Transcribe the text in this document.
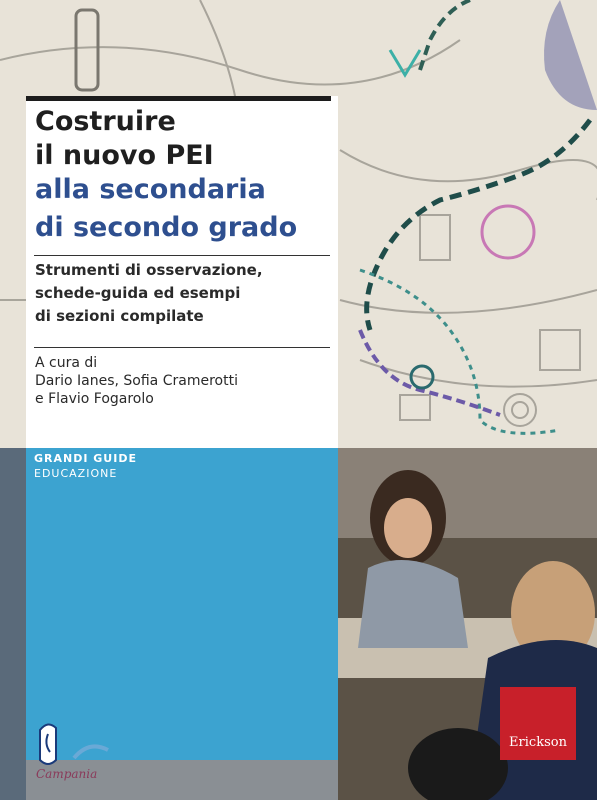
Costruire
il nuovo PEI
alla secondaria
di secondo grado
Strumenti di osservazione,
schede-guida ed esempi
di sezioni compilate
A cura di
Dario Ianes, Sofia Cramerotti
e Flavio Fogarolo
GRANDI GUIDE
EDUCAZIONE
Erickson
Campania
